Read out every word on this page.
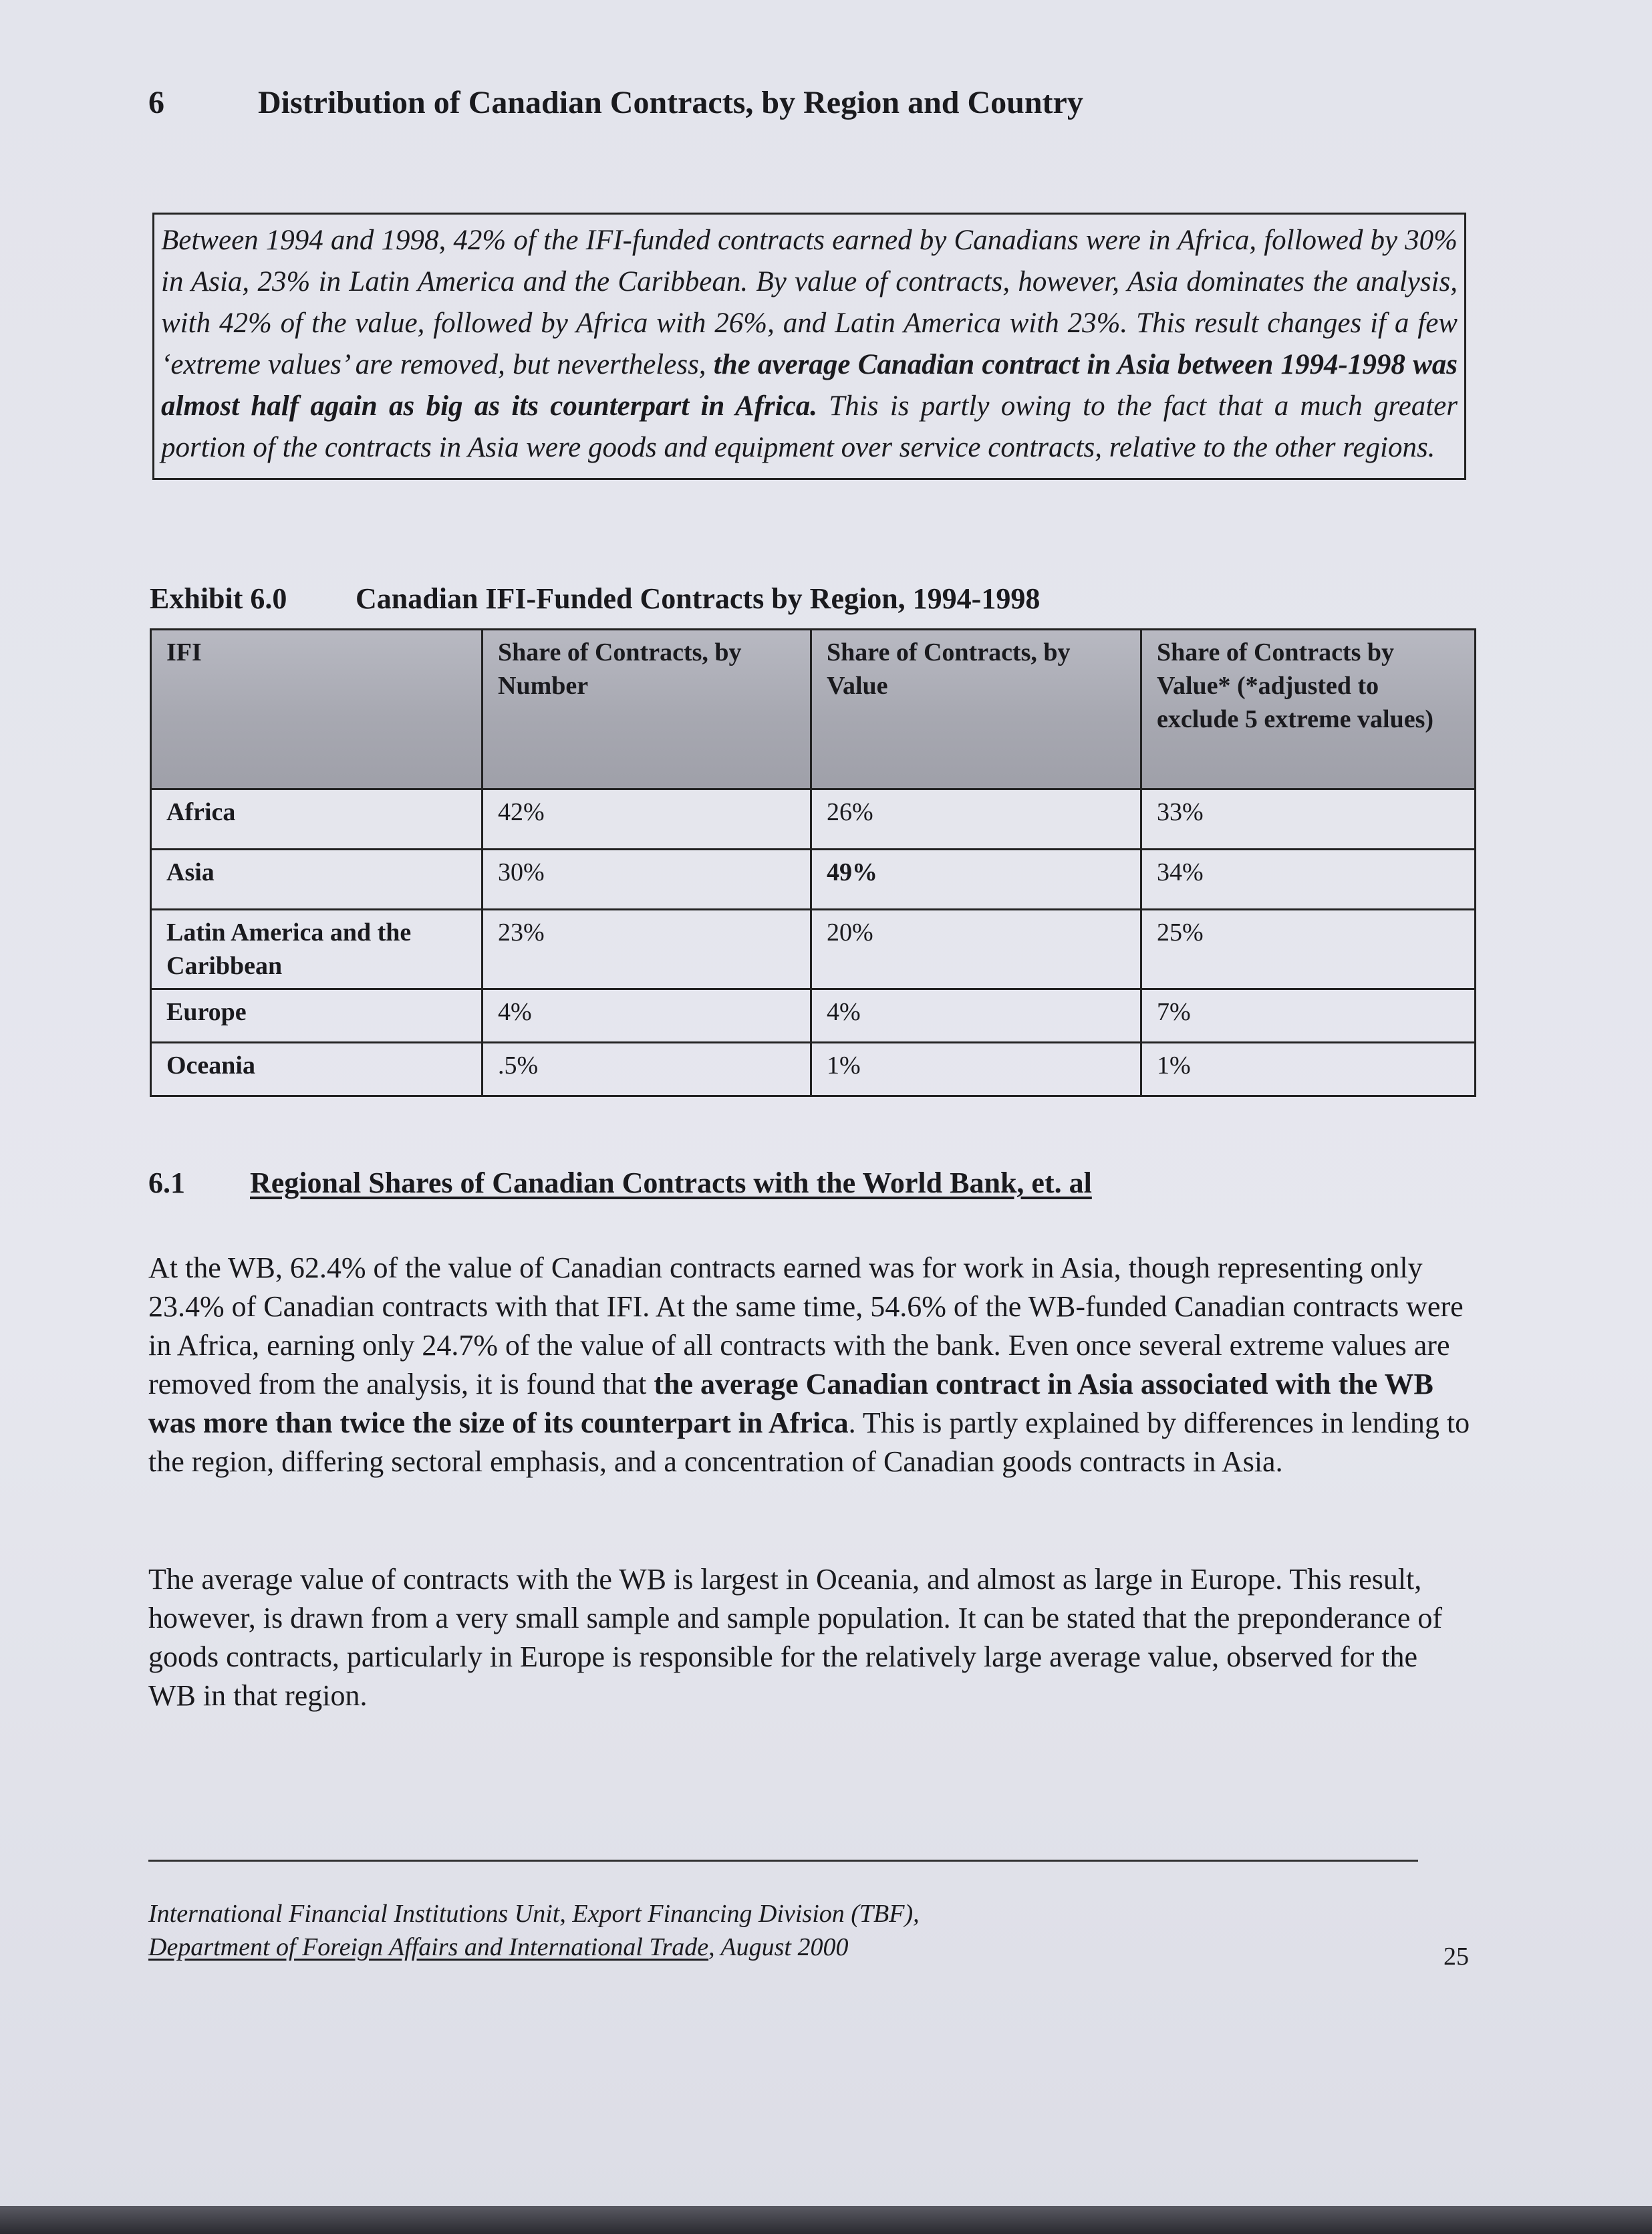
6	Distribution of Canadian Contracts, by Region and Country
Between 1994 and 1998, 42% of the IFI-funded contracts earned by Canadians were in Africa, followed by 30% in Asia, 23% in Latin America and the Caribbean. By value of contracts, however, Asia dominates the analysis, with 42% of the value, followed by Africa with 26%, and Latin America with 23%. This result changes if a few ‘extreme values’ are removed, but nevertheless, the average Canadian contract in Asia between 1994-1998 was almost half again as big as its counterpart in Africa. This is partly owing to the fact that a much greater portion of the contracts in Asia were goods and equipment over service contracts, relative to the other regions.
Exhibit 6.0 Canadian IFI-Funded Contracts by Region, 1994-1998
IFI	Share of Contracts, by Number	Share of Contracts, by Value	Share of Contracts by Value* (*adjusted to exclude 5 extreme values)
Africa	42%	26%	33%
Asia	30%	49%	34%
Latin America and the Caribbean	23%	20%	25%
Europe	4%	4%	7%
Oceania	.5%	1%	1%
6.1 Regional Shares of Canadian Contracts with the World Bank, et. al

At the WB, 62.4% of the value of Canadian contracts earned was for work in Asia, though representing only 23.4% of Canadian contracts with that IFI. At the same time, 54.6% of the WB-funded Canadian contracts were in Africa, earning only 24.7% of the value of all contracts with the bank. Even once several extreme values are removed from the analysis, it is found that the average Canadian contract in Asia associated with the WB was more than twice the size of its counterpart in Africa. This is partly explained by differences in lending to the region, differing sectoral emphasis, and a concentration of Canadian goods contracts in Asia.

The average value of contracts with the WB is largest in Oceania, and almost as large in Europe. This result, however, is drawn from a very small sample and sample population. It can be stated that the preponderance of goods contracts, particularly in Europe is responsible for the relatively large average value, observed for the WB in that region.

International Financial Institutions Unit, Export Financing Division (TBF),
Department of Foreign Affairs and International Trade, August 2000	25
